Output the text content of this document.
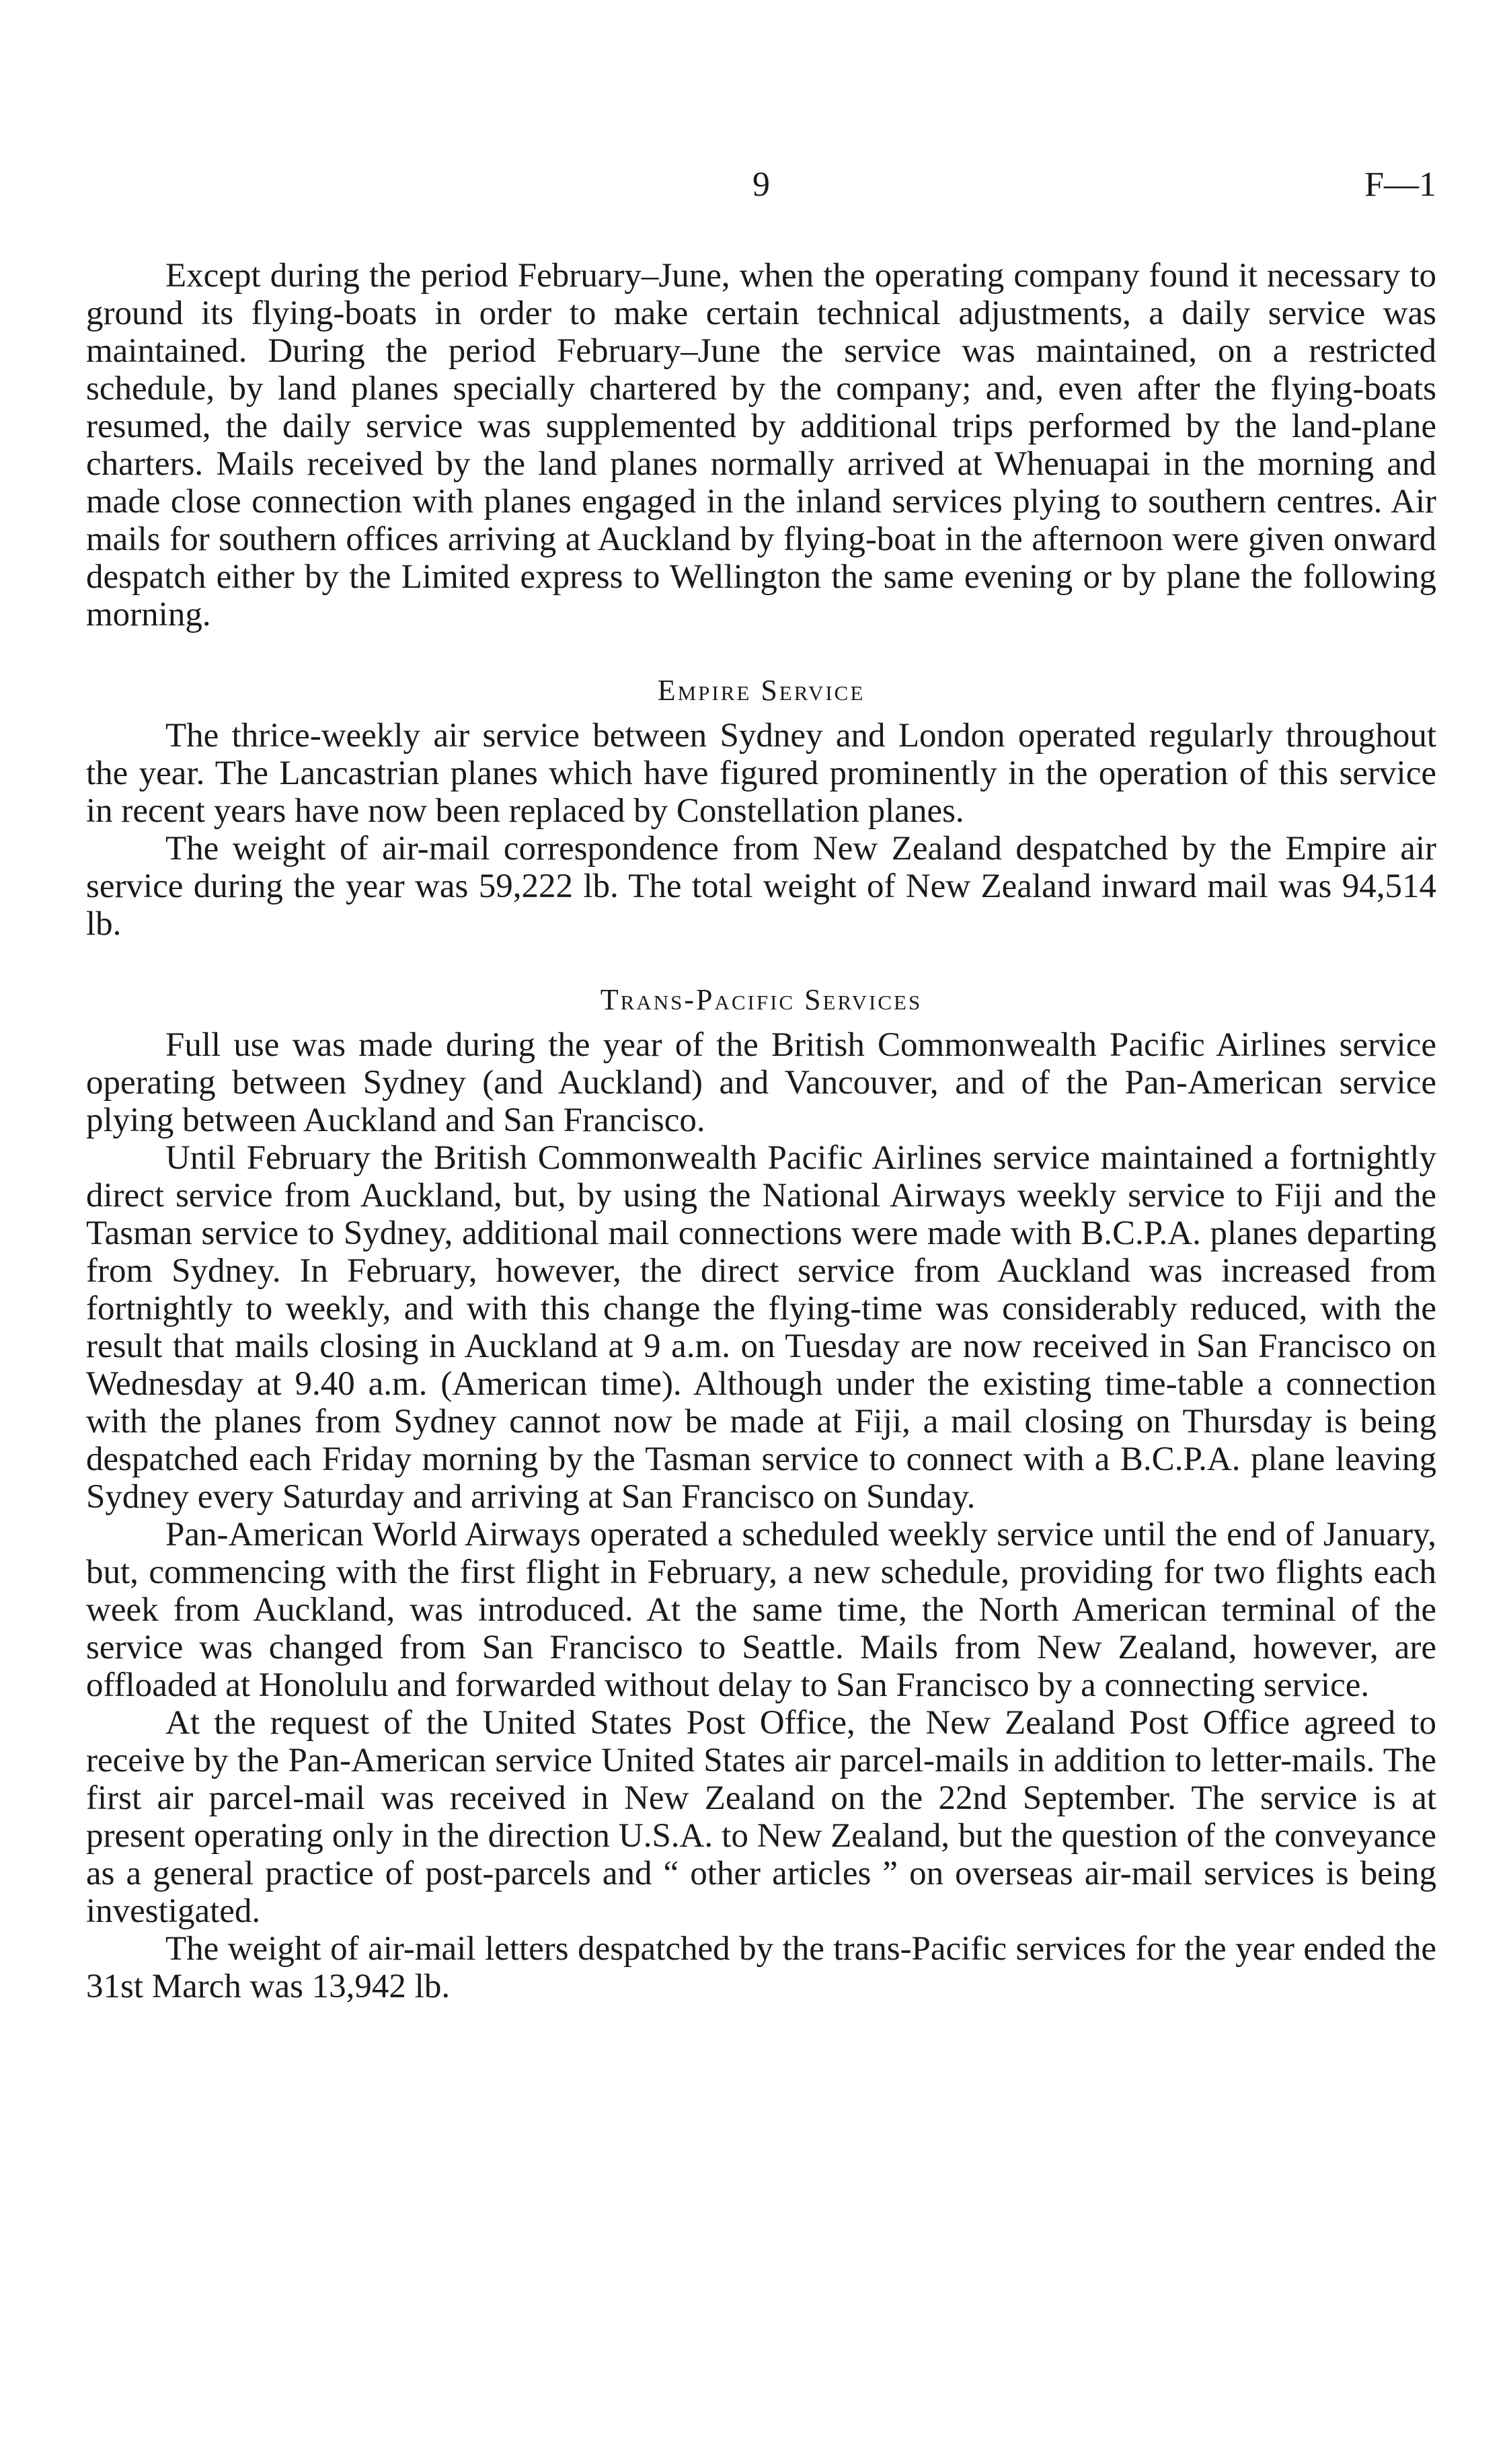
9	F—1

Except during the period February–June, when the operating company found it necessary to ground its flying-boats in order to make certain technical adjustments, a daily service was maintained. During the period February–June the service was maintained, on a restricted schedule, by land planes specially chartered by the company; and, even after the flying-boats resumed, the daily service was supplemented by additional trips performed by the land-plane charters. Mails received by the land planes normally arrived at Whenuapai in the morning and made close connection with planes engaged in the inland services plying to southern centres. Air mails for southern offices arriving at Auckland by flying-boat in the afternoon were given onward despatch either by the Limited express to Wellington the same evening or by plane the following morning.

Empire Service

The thrice-weekly air service between Sydney and London operated regularly throughout the year. The Lancastrian planes which have figured prominently in the operation of this service in recent years have now been replaced by Constellation planes.

The weight of air-mail correspondence from New Zealand despatched by the Empire air service during the year was 59,222 lb. The total weight of New Zealand inward mail was 94,514 lb.

Trans-Pacific Services

Full use was made during the year of the British Commonwealth Pacific Airlines service operating between Sydney (and Auckland) and Vancouver, and of the Pan-American service plying between Auckland and San Francisco.

Until February the British Commonwealth Pacific Airlines service maintained a fortnightly direct service from Auckland, but, by using the National Airways weekly service to Fiji and the Tasman service to Sydney, additional mail connections were made with B.C.P.A. planes departing from Sydney. In February, however, the direct service from Auckland was increased from fortnightly to weekly, and with this change the flying-time was considerably reduced, with the result that mails closing in Auckland at 9 a.m. on Tuesday are now received in San Francisco on Wednesday at 9.40 a.m. (American time). Although under the existing time-table a connection with the planes from Sydney cannot now be made at Fiji, a mail closing on Thursday is being despatched each Friday morning by the Tasman service to connect with a B.C.P.A. plane leaving Sydney every Saturday and arriving at San Francisco on Sunday.

Pan-American World Airways operated a scheduled weekly service until the end of January, but, commencing with the first flight in February, a new schedule, providing for two flights each week from Auckland, was introduced. At the same time, the North American terminal of the service was changed from San Francisco to Seattle. Mails from New Zealand, however, are offloaded at Honolulu and forwarded without delay to San Francisco by a connecting service.

At the request of the United States Post Office, the New Zealand Post Office agreed to receive by the Pan-American service United States air parcel-mails in addition to letter-mails. The first air parcel-mail was received in New Zealand on the 22nd September. The service is at present operating only in the direction U.S.A. to New Zealand, but the question of the conveyance as a general practice of post-parcels and “ other articles ” on overseas air-mail services is being investigated.

The weight of air-mail letters despatched by the trans-Pacific services for the year ended the 31st March was 13,942 lb.
